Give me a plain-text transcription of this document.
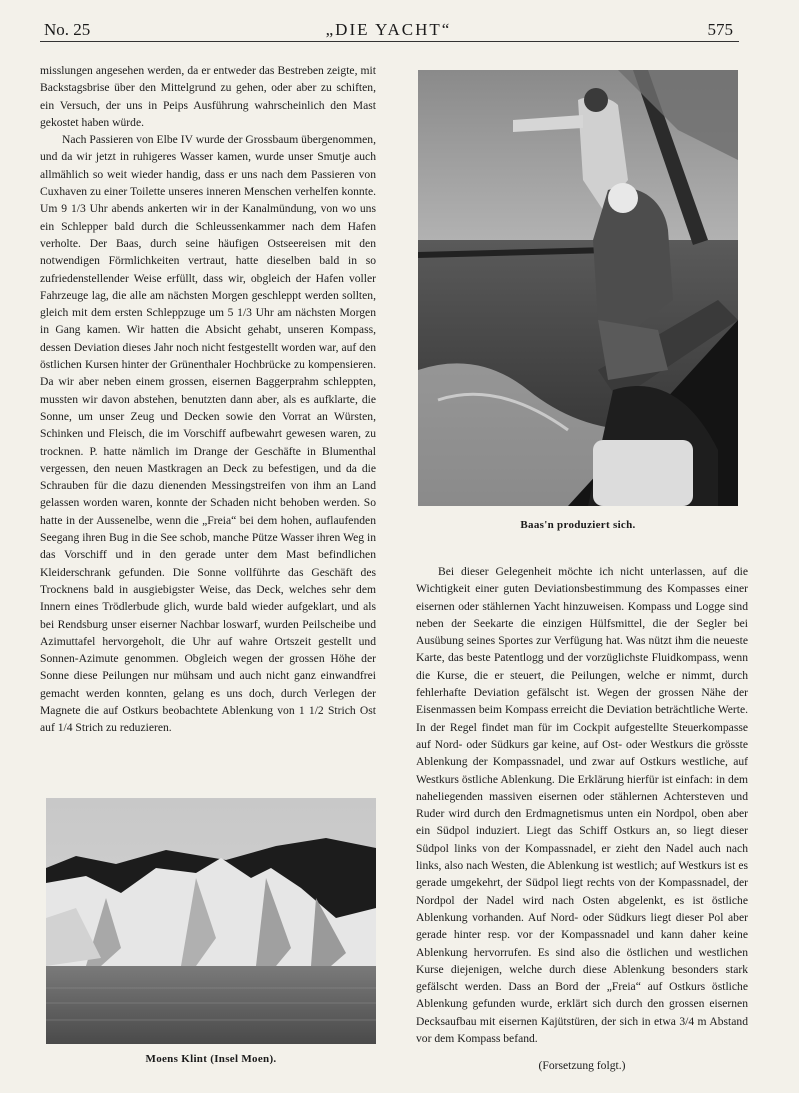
No. 25	„DIE YACHT“	575

misslungen angesehen werden, da er entweder das Bestreben zeigte, mit Backstagsbrise über den Mittelgrund zu gehen, oder aber zu schiften, ein Versuch, der uns in Peips Ausführung wahrscheinlich den Mast gekostet haben würde.

Nach Passieren von Elbe IV wurde der Grossbaum übergenommen, und da wir jetzt in ruhigeres Wasser kamen, wurde unser Smutje auch allmählich so weit wieder handig, dass er uns nach dem Passieren von Cuxhaven zu einer Toilette unseres inneren Menschen verhelfen konnte. Um 9 1/3 Uhr abends ankerten wir in der Kanalmündung, von wo uns ein Schlepper bald durch die Schleussenkammer nach dem Hafen verholte. Der Baas, durch seine häufigen Ostseereisen mit den notwendigen Förmlichkeiten vertraut, hatte dieselben bald in so zufriedenstellender Weise erfüllt, dass wir, obgleich der Hafen voller Fahrzeuge lag, die alle am nächsten Morgen geschleppt werden sollten, gleich mit dem ersten Schleppzuge um 5 1/3 Uhr am nächsten Morgen in Gang kamen. Wir hatten die Absicht gehabt, unseren Kompass, dessen Deviation dieses Jahr noch nicht festgestellt worden war, auf den östlichen Kursen hinter der Grünenthaler Hochbrücke zu kompensieren. Da wir aber neben einem grossen, eisernen Baggerprahm schleppten, mussten wir davon abstehen, benutzten dann aber, als es aufklarte, die Sonne, um unser Zeug und Decken sowie den Vorrat an Würsten, Schinken und Fleisch, die im Vorschiff aufbewahrt gewesen waren, zu trocknen. P. hatte nämlich im Drange der Geschäfte in Blumenthal vergessen, den neuen Mastkragen an Deck zu befestigen, und da die Schrauben für die dazu dienenden Messingstreifen von ihm an Land gelassen worden waren, konnte der Schaden nicht behoben werden. So hatte in der Aussenelbe, wenn die „Freia“ bei dem hohen, auflaufenden Seegang ihren Bug in die See schob, manche Pütze Wasser ihren Weg in das Vorschiff und in den gerade unter dem Mast befindlichen Kleiderschrank gefunden. Die Sonne vollführte das Geschäft des Trocknens bald in ausgiebigster Weise, das Deck, welches sehr dem Innern eines Trödlerbude glich, wurde bald wieder aufgeklart, und als bei Rendsburg unser eiserner Nachbar loswarf, wurden Peilscheibe und Azimuttafel hervorgeholt, die Uhr auf wahre Ortszeit gestellt und Sonnen-Azimute genommen. Obgleich wegen der grossen Höhe der Sonne diese Peilungen nur mühsam und auch nicht ganz einwandfrei gemacht werden konnten, gelang es uns doch, durch Verlegen der Magnete die auf Ostkurs beobachtete Ablenkung von 1 1/2 Strich Ost auf 1/4 Strich zu reduzieren.

Baas'n produziert sich.
Moens Klint (Insel Moen).

Bei dieser Gelegenheit möchte ich nicht unterlassen, auf die Wichtigkeit einer guten Deviationsbestimmung des Kompasses einer eisernen oder stählernen Yacht hinzuweisen. Kompass und Logge sind neben der Seekarte die einzigen Hülfsmittel, die der Segler bei Ausübung seines Sportes zur Verfügung hat. Was nützt ihm die neueste Karte, das beste Patentlogg und der vorzüglichste Fluidkompass, wenn die Kurse, die er steuert, die Peilungen, welche er nimmt, durch fehlerhafte Deviation gefälscht ist. Wegen der grossen Nähe der Eisenmassen beim Kompass erreicht die Deviation beträchtliche Werte. In der Regel findet man für im Cockpit aufgestellte Steuerkompasse auf Nord- oder Südkurs gar keine, auf Ost- oder Westkurs die grösste Ablenkung der Kompassnadel, und zwar auf Ostkurs westliche, auf Westkurs östliche Ablenkung. Die Erklärung hierfür ist einfach: in dem naheliegenden massiven eisernen oder stählernen Achtersteven und Ruder wird durch den Erdmagnetismus unten ein Nordpol, oben aber ein Südpol induziert. Liegt das Schiff Ostkurs an, so liegt dieser Südpol links von der Kompassnadel, er zieht den Nadel auch nach links, also nach Westen, die Ablenkung ist westlich; auf Westkurs ist es gerade umgekehrt, der Südpol liegt rechts von der Kompassnadel, der Nordpol der Nadel wird nach Osten abgelenkt, es ist östliche Ablenkung vorhanden. Auf Nord- oder Südkurs liegt dieser Pol aber gerade hinter resp. vor der Kompassnadel und kann daher keine Ablenkung hervorrufen. Es sind also die östlichen und westlichen Kurse diejenigen, welche durch diese Ablenkung besonders stark gefälscht werden. Dass an Bord der „Freia“ auf Ostkurs östliche Ablenkung gefunden wurde, erklärt sich durch den grossen eisernen Decksaufbau mit eisernen Kajütstüren, der sich in etwa 3/4 m Abstand vor dem Kompass befand.

(Forsetzung folgt.)
